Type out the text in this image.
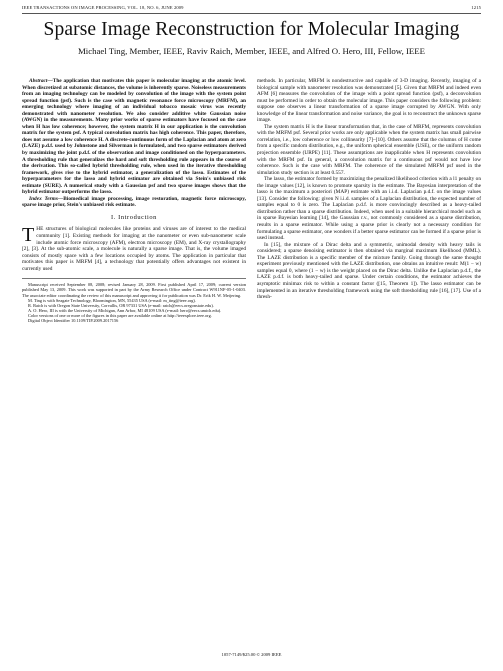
IEEE TRANSACTIONS ON IMAGE PROCESSING, VOL. 18, NO. 6, JUNE 2009	1215
Sparse Image Reconstruction for Molecular Imaging
Michael Ting, Member, IEEE, Raviv Raich, Member, IEEE, and Alfred O. Hero, III, Fellow, IEEE

Abstract—The application that motivates this paper is molecular imaging at the atomic level. When discretized at subatomic distances, the volume is inherently sparse. Noiseless measurements from an imaging technology can be modeled by convolution of the image with the system point spread function (psf). Such is the case with magnetic resonance force microscopy (MRFM), an emerging technology where imaging of an individual tobacco mosaic virus was recently demonstrated with nanometer resolution. We also consider additive white Gaussian noise (AWGN) in the measurements. Many prior works of sparse estimators have focused on the case when H has low coherence; however, the system matrix H in our application is the convolution matrix for the system psf. A typical convolution matrix has high coherence. This paper, therefore, does not assume a low coherence H. A discrete-continuous form of the Laplacian and atom at zero (LAZE) p.d.f. used by Johnstone and Silverman is formulated, and two sparse estimators derived by maximizing the joint p.d.f. of the observation and image conditioned on the hyperparameters. A thresholding rule that generalizes the hard and soft thresholding rule appears in the course of the derivation. This so-called hybrid thresholding rule, when used in the iterative thresholding framework, gives rise to the hybrid estimator, a generalization of the lasso. Estimates of the hyperparameters for the lasso and hybrid estimator are obtained via Stein's unbiased risk estimate (SURE). A numerical study with a Gaussian psf and two sparse images shows that the hybrid estimator outperforms the lasso.

Index Terms—Biomedical image processing, image restoration, magnetic force microscopy, sparse image prior, Stein's unbiased risk estimate.

I. Introduction

THE structures of biological molecules like proteins and viruses are of interest to the medical community [1]. Existing methods for imaging at the nanometer or even sub-nanometer scale include atomic force microscopy (AFM), electron microscopy (EM), and X-ray crystallography [2], [3]. At the sub-atomic scale, a molecule is naturally a sparse image. That is, the volume imaged consists of mostly space with a few locations occupied by atoms. The application in particular that motivates this paper is MRFM [4], a technology that potentially offers advantages not existent in currently used

Manuscript received September 08, 2008; revised January 28, 2009. First published April 17, 2009; current version published May 13, 2009. This work was supported in part by the Army Research Office under Contract W911NF-05-1-0403. The associate editor coordinating the review of this manuscript and approving it for publication was Dr. Erik H. W. Meijering.
M. Ting is with Seagate Technology, Bloomington, MN, 55435 USA (e-mail: m_ting@ieee.org).
R. Raich is with Oregon State University, Corvallis, OR 97331 USA (e-mail: raich@eecs.oregonstate.edu).
A. O. Hero, III is with the University of Michigan, Ann Arbor, MI 48109 USA (e-mail: hero@eecs.umich.edu).
Color versions of one or more of the figures in this paper are available online at http://ieeexplore.ieee.org.
Digital Object Identifier 10.1109/TIP.2009.2017156

methods. In particular, MRFM is nondestructive and capable of 3-D imaging. Recently, imaging of a biological sample with nanometer resolution was demonstrated [5]. Given that MRFM and indeed even AFM [6] measures the convolution of the image with a point spread function (psf), a deconvolution must be performed in order to obtain the molecular image. This paper considers the following problem: suppose one observes a linear transformation of a sparse image corrupted by AWGN. With only knowledge of the linear transformation and noise variance, the goal is to reconstruct the unknown sparse image.

The system matrix H is the linear transformation that, in the case of MRFM, represents convolution with the MRFM psf. Several prior works are only applicable when the system matrix has small pairwise correlation, i.e., low coherence or low collinearity [7]–[10]. Others assume that the columns of H come from a specific random distribution, e.g., the uniform spherical ensemble (USE), or the uniform random projection ensemble (URPE) [11]. These assumptions are inapplicable when H represents convolution with the MRFM psf. In general, a convolution matrix for a continuous psf would not have low coherence. Such is the case with MRFM. The coherence of the simulated MRFM psf used in the simulation study section is at least 0.557.

The lasso, the estimator formed by maximizing the penalized likelihood criterion with a l1 penalty on the image values [12], is known to promote sparsity in the estimate. The Bayesian interpretation of the lasso is the maximum a posteriori (MAP) estimate with an i.i.d. Laplacian p.d.f. on the image values [13]. Consider the following: given N i.i.d. samples of a Laplacian distribution, the expected number of samples equal to 0 is zero. The Laplacian p.d.f. is more convincingly described as a heavy-tailed distribution rather than a sparse distribution. Indeed, when used in a suitable hierarchical model such as in sparse Bayesian learning [14], the Gaussian r.v., not commonly considered as a sparse distribution, results in a sparse estimator. While using a sparse prior is clearly not a necessary condition for formulating a sparse estimator, one wonders if a better sparse estimator can be formed if a sparse prior is used instead.

In [15], the mixture of a Dirac delta and a symmetric, unimodal density with heavy tails is considered; a sparse denoising estimator is then obtained via marginal maximum likelihood (MML). The LAZE distribution is a specific member of the mixture family. Going through the same thought experiment previously mentioned with the LAZE distribution, one obtains an intuitive result: M(1 − w) samples equal 0, where (1 − w) is the weight placed on the Dirac delta. Unlike the Laplacian p.d.f., the LAZE p.d.f. is both heavy-tailed and sparse. Under certain conditions, the estimator achieves the asymptotic minimax risk to within a constant factor ([15, Theorem 1]). The lasso estimator can be implemented in an iterative thresholding framework using the soft thresholding rule [16], [17]. Use of a thresh-

1057-7149/$25.00 © 2009 IEEE
